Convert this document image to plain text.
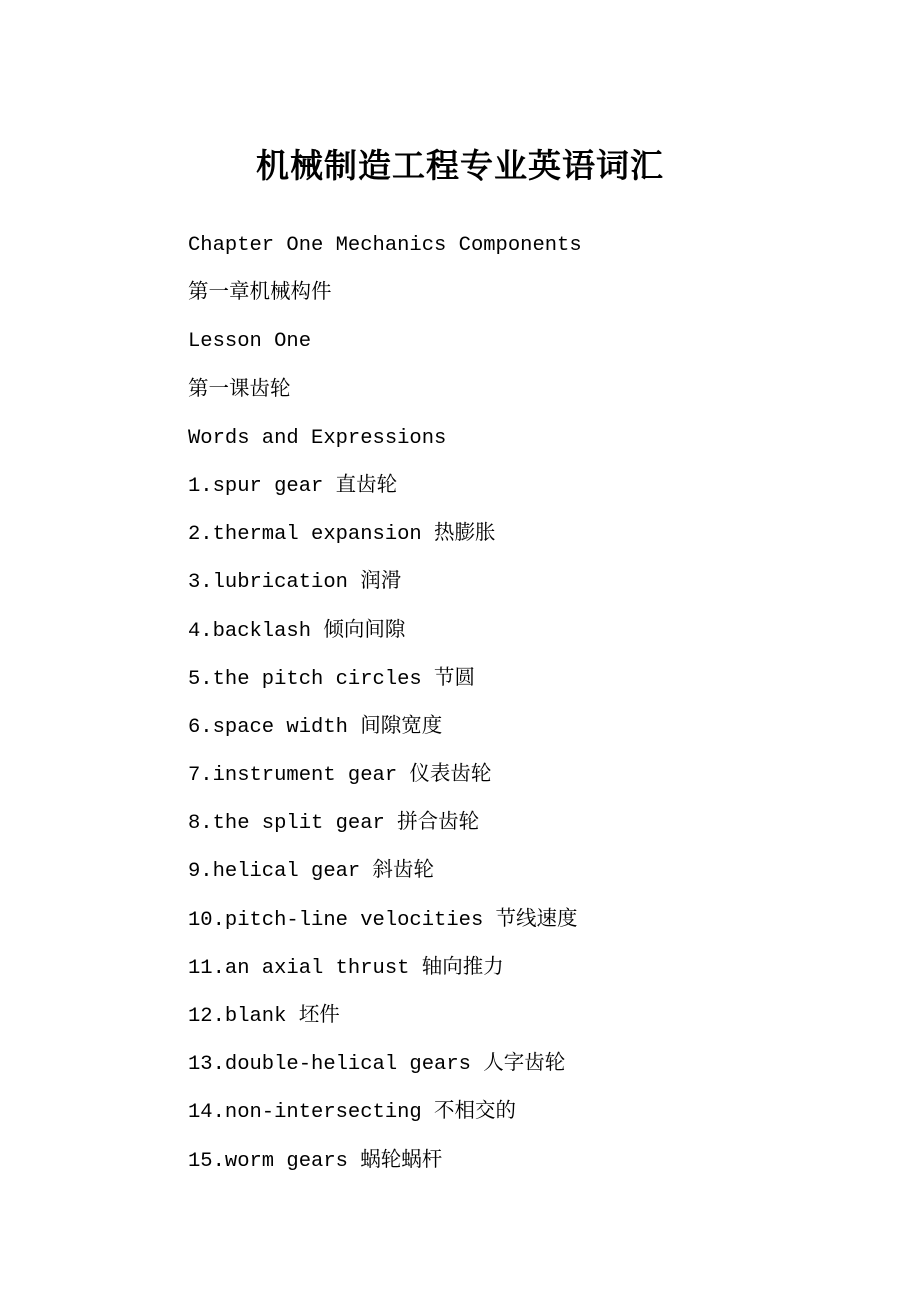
机械制造工程专业英语词汇
Chapter One Mechanics Components
第一章机械构件
Lesson One
第一课齿轮
Words and Expressions
1.spur gear 直齿轮
2.thermal expansion 热膨胀
3.lubrication 润滑
4.backlash 倾向间隙
5.the pitch circles 节圆
6.space width 间隙宽度
7.instrument gear 仪表齿轮
8.the split gear 拼合齿轮
9.helical gear 斜齿轮
10.pitch-line velocities 节线速度
11.an axial thrust 轴向推力
12.blank 坯件
13.double-helical gears 人字齿轮
14.non-intersecting 不相交的
15.worm gears 蜗轮蜗杆
